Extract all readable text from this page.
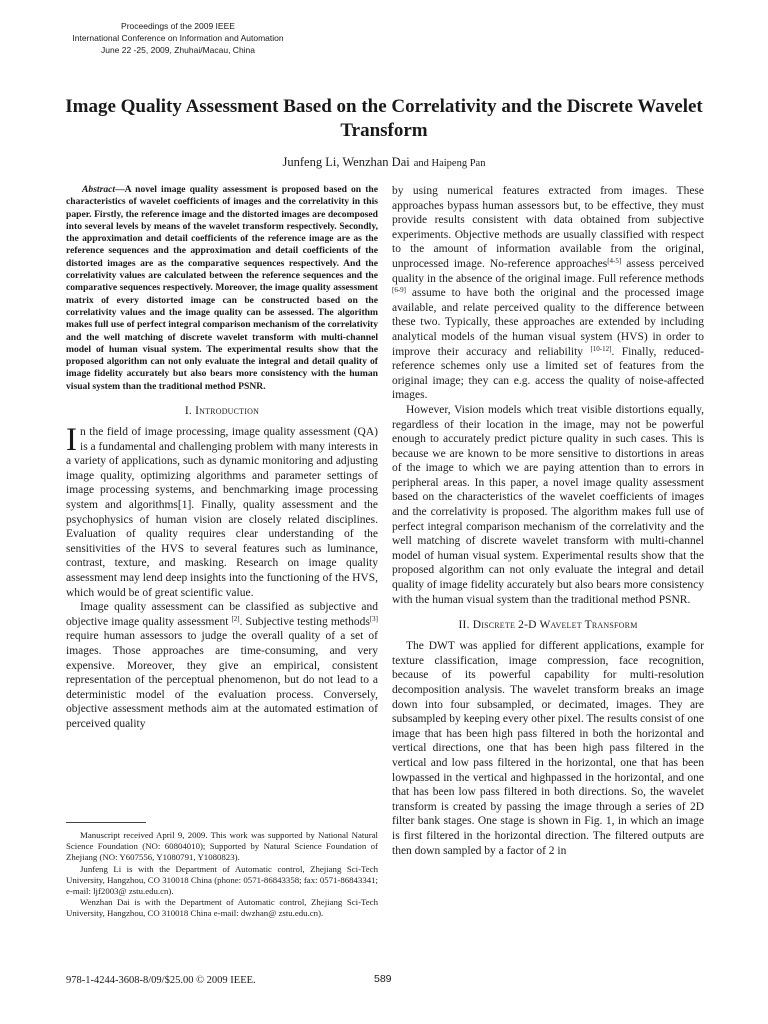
Proceedings of the 2009 IEEE
International Conference on Information and Automation
June 22 -25, 2009, Zhuhai/Macau, China
Image Quality Assessment Based on the Correlativity and the Discrete Wavelet Transform
Junfeng Li, Wenzhan Dai and Haipeng Pan

Abstract—A novel image quality assessment is proposed based on the characteristics of wavelet coefficients of images and the correlativity in this paper. Firstly, the reference image and the distorted images are decomposed into several levels by means of the wavelet transform respectively. Secondly, the approximation and detail coefficients of the reference image are as the reference sequences and the approximation and detail coefficients of the distorted images are as the comparative sequences respectively. And the correlativity values are calculated between the reference sequences and the comparative sequences respectively. Moreover, the image quality assessment matrix of every distorted image can be constructed based on the correlativity values and the image quality can be assessed. The algorithm makes full use of perfect integral comparison mechanism of the correlativity and the well matching of discrete wavelet transform with multi-channel model of human visual system. The experimental results show that the proposed algorithm can not only evaluate the integral and detail quality of image fidelity accurately but also bears more consistency with the human visual system than the traditional method PSNR.

I. Introduction

In the field of image processing, image quality assessment (QA) is a fundamental and challenging problem with many interests in a variety of applications, such as dynamic monitoring and adjusting image quality, optimizing algorithms and parameter settings of image processing systems, and benchmarking image processing system and algorithms[1]. Finally, quality assessment and the psychophysics of human vision are closely related disciplines. Evaluation of quality requires clear understanding of the sensitivities of the HVS to several features such as luminance, contrast, texture, and masking. Research on image quality assessment may lend deep insights into the functioning of the HVS, which would be of great scientific value.

Image quality assessment can be classified as subjective and objective image quality assessment [2]. Subjective testing methods[3] require human assessors to judge the overall quality of a set of images. Those approaches are time-consuming, and very expensive. Moreover, they give an empirical, consistent representation of the perceptual phenomenon, but do not lead to a deterministic model of the evaluation process. Conversely, objective assessment methods aim at the automated estimation of perceived quality

Manuscript received April 9, 2009. This work was supported by National Natural Science Foundation (NO: 60804010); Supported by Natural Science Foundation of Zhejiang (NO: Y607556, Y1080791, Y1080823).

Junfeng Li is with the Department of Automatic control, Zhejiang Sci-Tech University, Hangzhou, CO 310018 China (phone: 0571-86843358; fax: 0571-86843341; e-mail: ljf2003@ zstu.edu.cn).

Wenzhan Dai is with the Department of Automatic control, Zhejiang Sci-Tech University, Hangzhou, CO 310018 China e-mail: dwzhan@ zstu.edu.cn).

by using numerical features extracted from images. These approaches bypass human assessors but, to be effective, they must provide results consistent with data obtained from subjective experiments. Objective methods are usually classified with respect to the amount of information available from the original, unprocessed image. No-reference approaches[4-5] assess perceived quality in the absence of the original image. Full reference methods [6-9] assume to have both the original and the processed image available, and relate perceived quality to the difference between these two. Typically, these approaches are extended by including analytical models of the human visual system (HVS) in order to improve their accuracy and reliability [10-12]. Finally, reduced-reference schemes only use a limited set of features from the original image; they can e.g. access the quality of noise-affected images.

However, Vision models which treat visible distortions equally, regardless of their location in the image, may not be powerful enough to accurately predict picture quality in such cases. This is because we are known to be more sensitive to distortions in areas of the image to which we are paying attention than to errors in peripheral areas. In this paper, a novel image quality assessment based on the characteristics of the wavelet coefficients of images and the correlativity is proposed. The algorithm makes full use of perfect integral comparison mechanism of the correlativity and the well matching of discrete wavelet transform with multi-channel model of human visual system. Experimental results show that the proposed algorithm can not only evaluate the integral and detail quality of image fidelity accurately but also bears more consistency with the human visual system than the traditional method PSNR.

II. Discrete 2-D Wavelet Transform

The DWT was applied for different applications, example for texture classification, image compression, face recognition, because of its powerful capability for multi-resolution decomposition analysis. The wavelet transform breaks an image down into four subsampled, or decimated, images. They are subsampled by keeping every other pixel. The results consist of one image that has been high pass filtered in both the horizontal and vertical directions, one that has been high pass filtered in the vertical and low pass filtered in the horizontal, one that has been lowpassed in the vertical and highpassed in the horizontal, and one that has been low pass filtered in both directions. So, the wavelet transform is created by passing the image through a series of 2D filter bank stages. One stage is shown in Fig. 1, in which an image is first filtered in the horizontal direction. The filtered outputs are then down sampled by a factor of 2 in

978-1-4244-3608-8/09/$25.00 © 2009 IEEE.	589
